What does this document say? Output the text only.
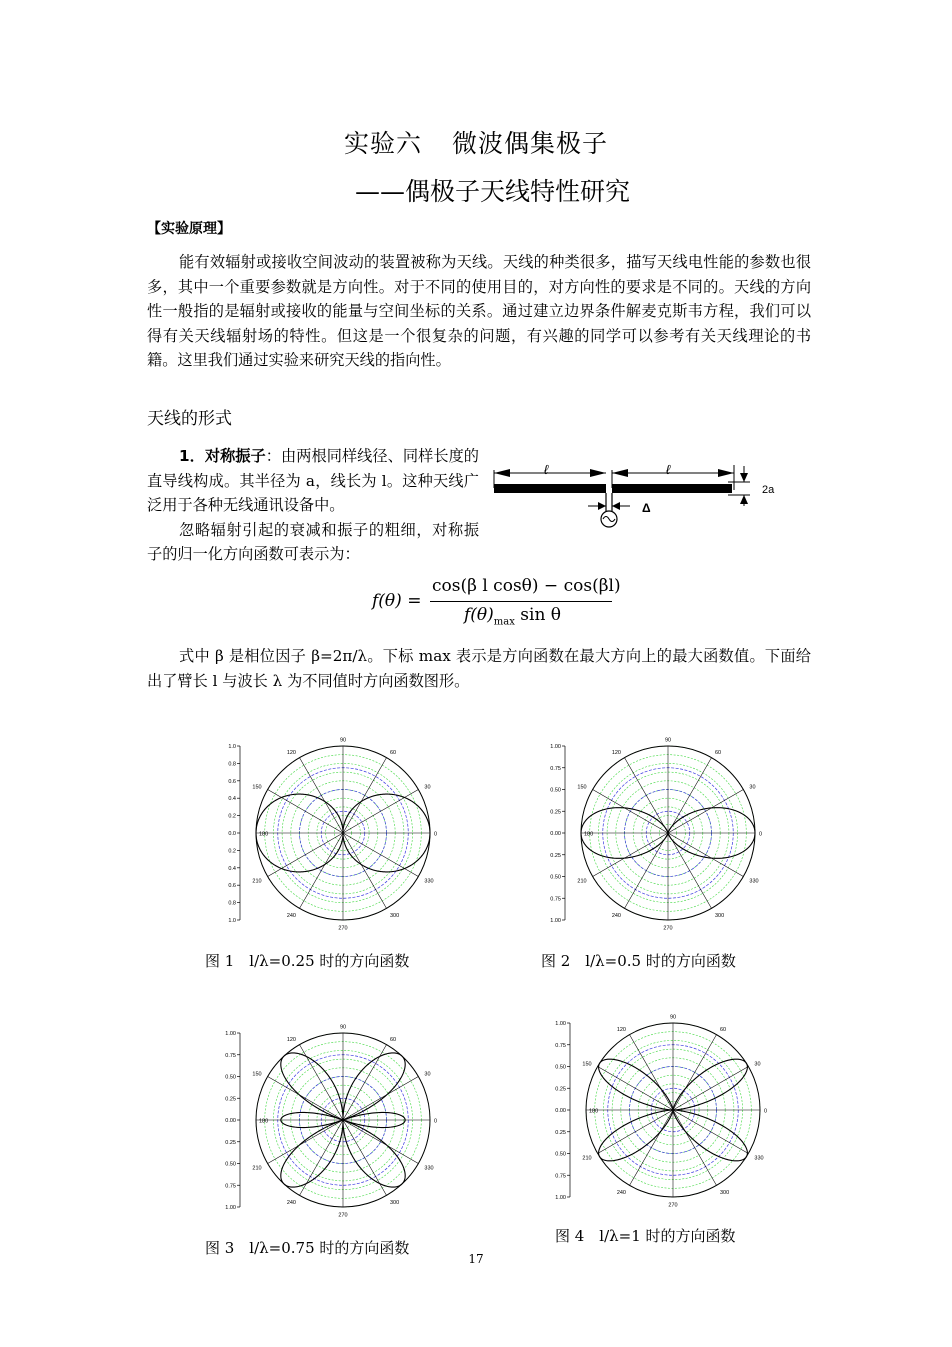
实验六 微波偶集极子
——偶极子天线特性研究
【实验原理】
能有效辐射或接收空间波动的装置被称为天线。天线的种类很多，描写天线电性能的参数也很多，其中一个重要参数就是方向性。对于不同的使用目的，对方向性的要求是不同的。天线的方向性一般指的是辐射或接收的能量与空间坐标的关系。通过建立边界条件解麦克斯韦方程，我们可以得有关天线辐射场的特性。但这是一个很复杂的问题，有兴趣的同学可以参考有关天线理论的书籍。这里我们通过实验来研究天线的指向性。
天线的形式
1．对称振子：由两根同样线径、同样长度的直导线构成。其半径为 a，线长为 l。这种天线广泛用于各种无线通讯设备中。
忽略辐射引起的衰减和振子的粗细，对称振子的归一化方向函数可表示为：
ℓ	ℓ
2a
Δ
f(θ) =
cos(β l cosθ) − cos(βl)
$f(\theta)_{max}$ sin θ
式中 β 是相位因子 β=2π/λ。下标 max 表示是方向函数在最大方向上的最大函数值。下面给出了臂长 l 与波长 λ 为不同值时方向函数图形。
0
30
60
90
120
150
180
210
240
270
300
330
1.0
0.8
0.6
0.4
0.2
0.0
0.2
0.4
0.6
0.8
1.0
图 1　l/λ=0.25 时的方向函数
0
30
60
90
120
150
180
210
240
270
300
330
1.00
0.75
0.50
0.25
0.00
0.25
0.50
0.75
1.00
图 2　l/λ=0.5 时的方向函数
0
30
60
90
120
150
180
210
240
270
300
330
1.00
0.75
0.50
0.25
0.00
0.25
0.50
0.75
1.00
图 3　l/λ=0.75 时的方向函数
0
30
60
90
120
150
180
210
240
270
300
330
1.00
0.75
0.50
0.25
0.00
0.25
0.50
0.75
1.00
图 4　l/λ=1 时的方向函数
17
